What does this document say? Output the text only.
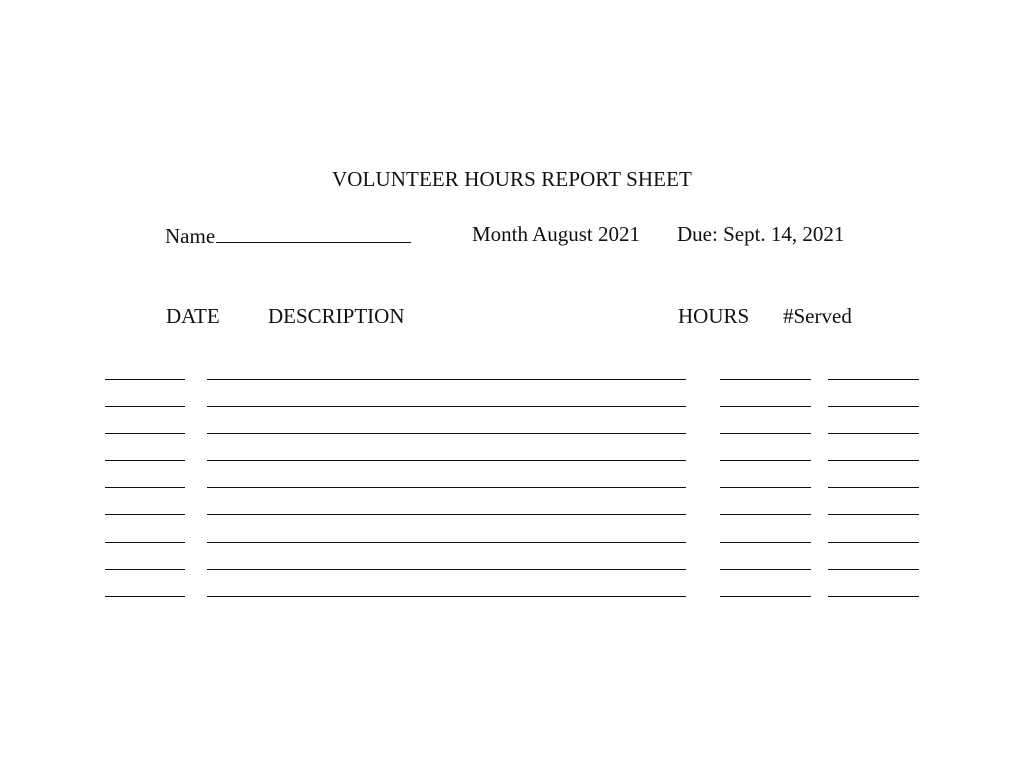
VOLUNTEER HOURS REPORT SHEET
Name	Month August 2021 Due: Sept. 14, 2021
DATE DESCRIPTION	HOURS #Served
